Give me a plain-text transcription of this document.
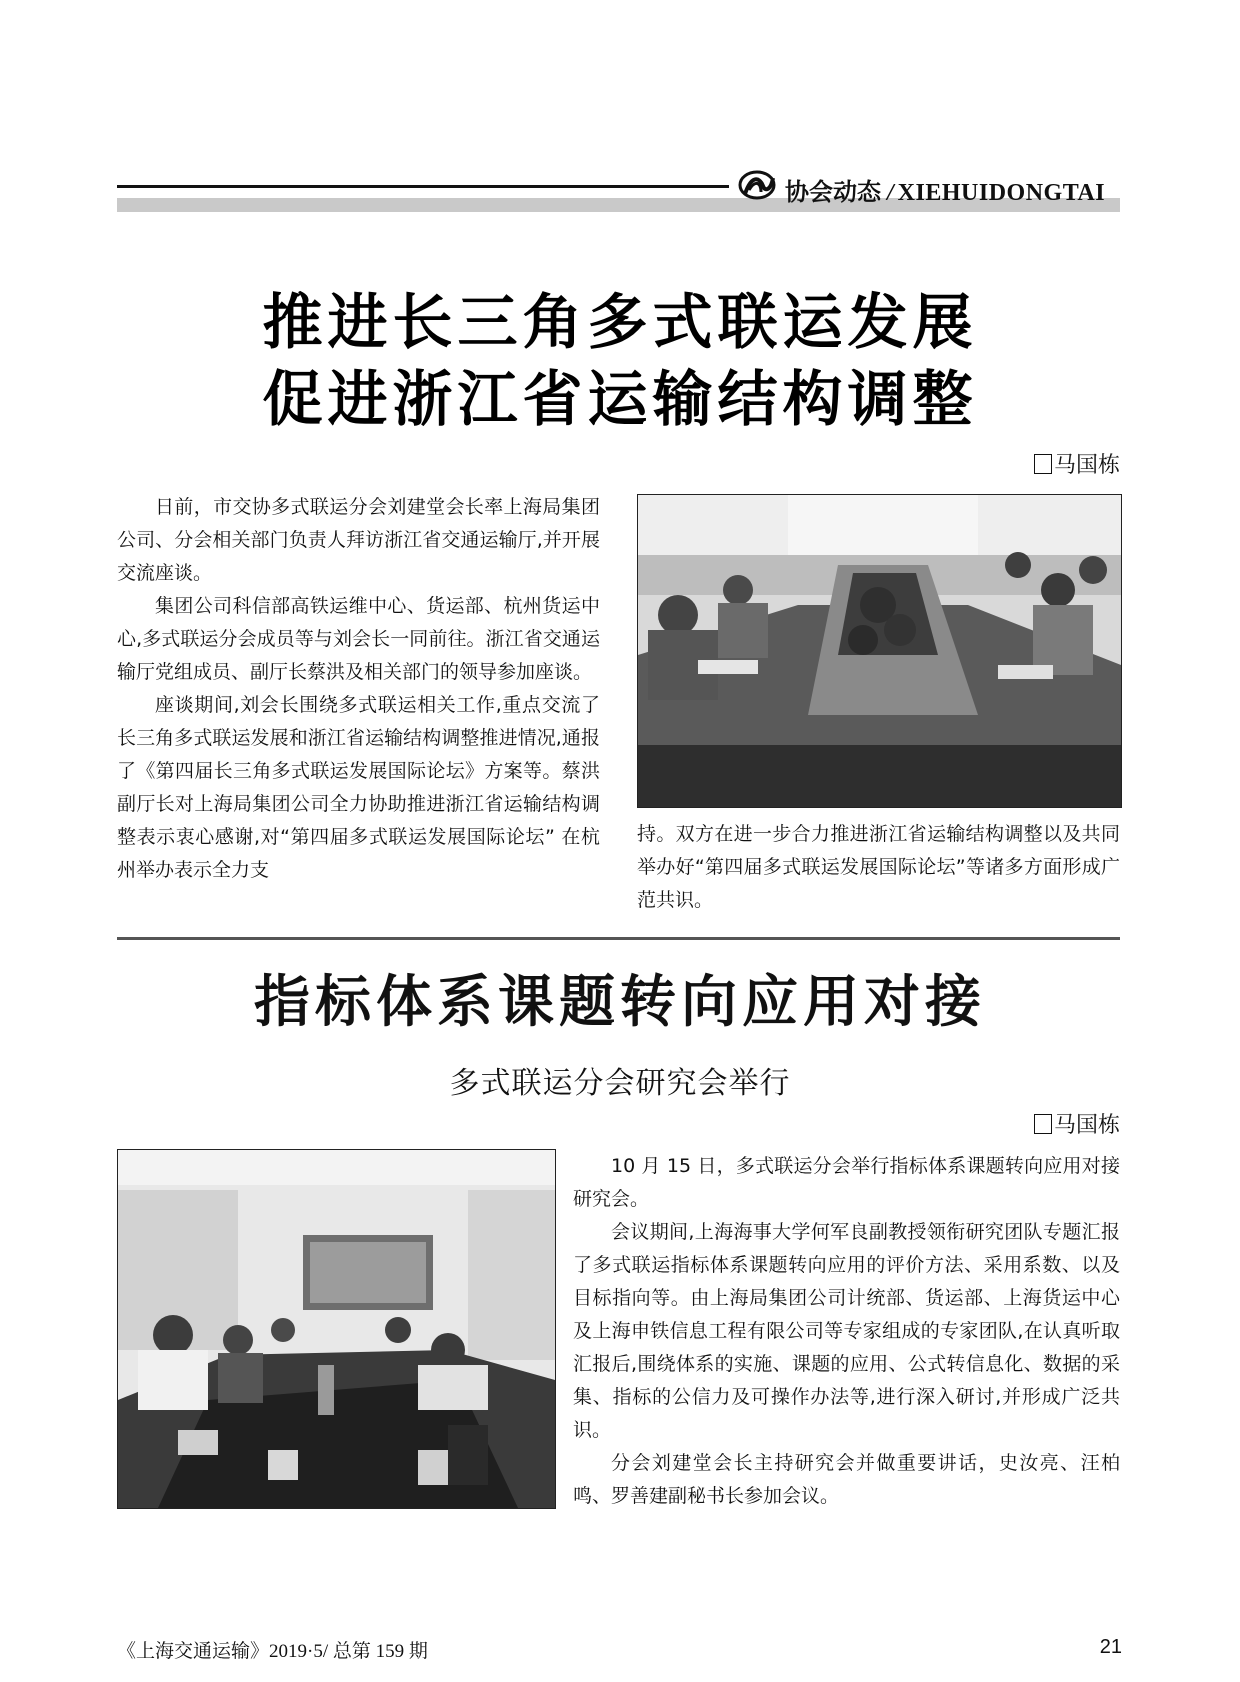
协会动态 / XIEHUIDONGTAI
推进长三角多式联运发展
促进浙江省运输结构调整
马国栋

日前，市交协多式联运分会刘建堂会长率上海局集团公司、分会相关部门负责人拜访浙江省交通运输厅,并开展交流座谈。

集团公司科信部高铁运维中心、货运部、杭州货运中心,多式联运分会成员等与刘会长一同前往。浙江省交通运输厅党组成员、副厅长蔡洪及相关部门的领导参加座谈。

座谈期间,刘会长围绕多式联运相关工作,重点交流了长三角多式联运发展和浙江省运输结构调整推进情况,通报了《第四届长三角多式联运发展国际论坛》方案等。蔡洪副厅长对上海局集团公司全力协助推进浙江省运输结构调整表示衷心感谢,对“第四届多式联运发展国际论坛” 在杭州举办表示全力支

持。双方在进一步合力推进浙江省运输结构调整以及共同举办好“第四届多式联运发展国际论坛”等诸多方面形成广范共识。

指标体系课题转向应用对接
多式联运分会研究会举行
马国栋

10 月 15 日，多式联运分会举行指标体系课题转向应用对接研究会。

会议期间,上海海事大学何军良副教授领衔研究团队专题汇报了多式联运指标体系课题转向应用的评价方法、采用系数、以及目标指向等。由上海局集团公司计统部、货运部、上海货运中心及上海申铁信息工程有限公司等专家组成的专家团队,在认真听取汇报后,围绕体系的实施、课题的应用、公式转信息化、数据的采集、指标的公信力及可操作办法等,进行深入研讨,并形成广泛共识。

分会刘建堂会长主持研究会并做重要讲话，史汝亮、汪柏鸣、罗善建副秘书长参加会议。

《上海交通运输》2019·5/ 总第 159 期	21
